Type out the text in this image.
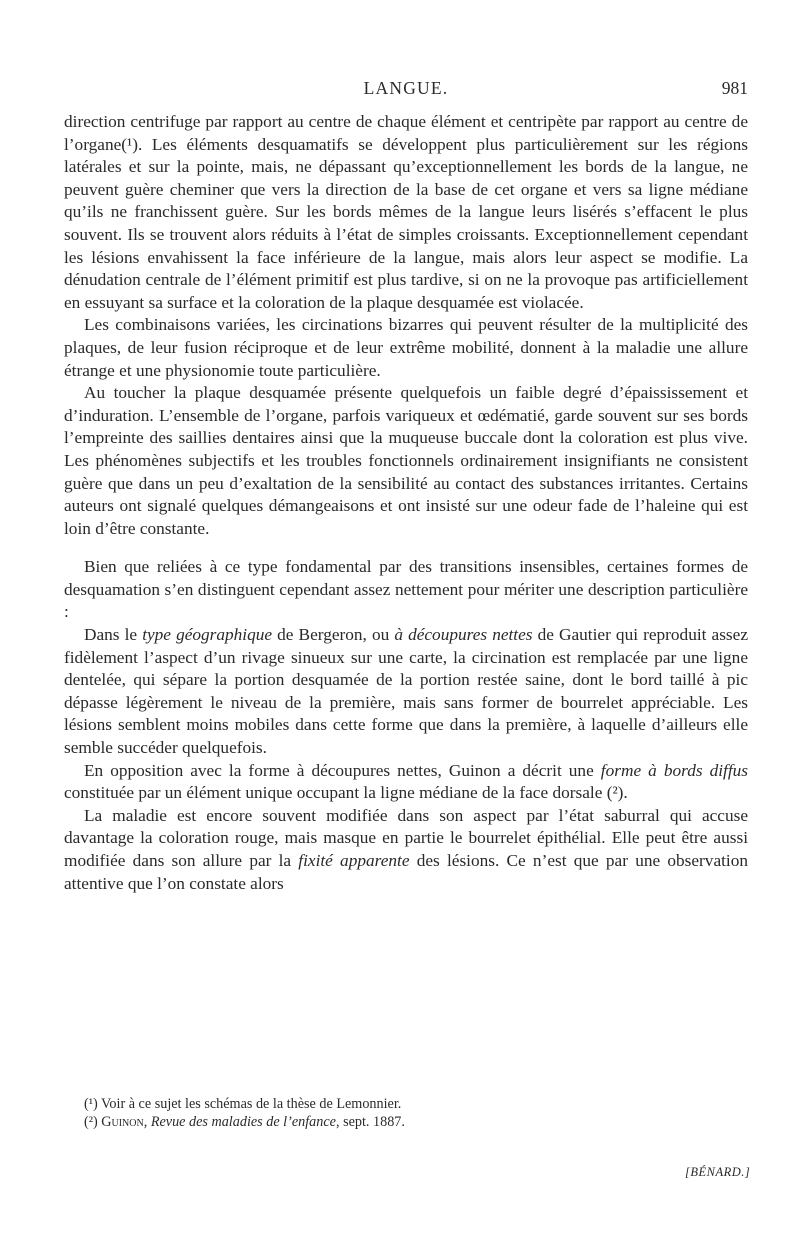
LANGUE.	981

direction centrifuge par rapport au centre de chaque élément et centripète par rapport au centre de l’organe(¹). Les éléments desquamatifs se développent plus particulièrement sur les régions latérales et sur la pointe, mais, ne dépassant qu’exceptionnellement les bords de la langue, ne peuvent guère cheminer que vers la direction de la base de cet organe et vers sa ligne médiane qu’ils ne franchissent guère. Sur les bords mêmes de la langue leurs lisérés s’effacent le plus souvent. Ils se trouvent alors réduits à l’état de simples croissants. Exceptionnellement cependant les lésions envahissent la face inférieure de la langue, mais alors leur aspect se modifie. La dénudation centrale de l’élément primitif est plus tardive, si on ne la provoque pas artificiellement en essuyant sa surface et la coloration de la plaque desquamée est violacée.

Les combinaisons variées, les circinations bizarres qui peuvent résulter de la multiplicité des plaques, de leur fusion réciproque et de leur extrême mobilité, donnent à la maladie une allure étrange et une physionomie toute particulière.

Au toucher la plaque desquamée présente quelquefois un faible degré d’épaississement et d’induration. L’ensemble de l’organe, parfois variqueux et œdématié, garde souvent sur ses bords l’empreinte des saillies dentaires ainsi que la muqueuse buccale dont la coloration est plus vive. Les phénomènes subjectifs et les troubles fonctionnels ordinairement insignifiants ne consistent guère que dans un peu d’exaltation de la sensibilité au contact des substances irritantes. Certains auteurs ont signalé quelques démangeaisons et ont insisté sur une odeur fade de l’haleine qui est loin d’être constante.

Bien que reliées à ce type fondamental par des transitions insensibles, certaines formes de desquamation s’en distinguent cependant assez nettement pour mériter une description particulière :

Dans le type géographique de Bergeron, ou à découpures nettes de Gautier qui reproduit assez fidèlement l’aspect d’un rivage sinueux sur une carte, la circination est remplacée par une ligne dentelée, qui sépare la portion desquamée de la portion restée saine, dont le bord taillé à pic dépasse légèrement le niveau de la première, mais sans former de bourrelet appréciable. Les lésions semblent moins mobiles dans cette forme que dans la première, à laquelle d’ailleurs elle semble succéder quelquefois.

En opposition avec la forme à découpures nettes, Guinon a décrit une forme à bords diffus constituée par un élément unique occupant la ligne médiane de la face dorsale (²).

La maladie est encore souvent modifiée dans son aspect par l’état saburral qui accuse davantage la coloration rouge, mais masque en partie le bourrelet épithélial. Elle peut être aussi modifiée dans son allure par la fixité apparente des lésions. Ce n’est que par une observation attentive que l’on constate alors

(¹) Voir à ce sujet les schémas de la thèse de Lemonnier.

(²) Guinon, Revue des maladies de l’enfance, sept. 1887.

[BÉNARD.]
